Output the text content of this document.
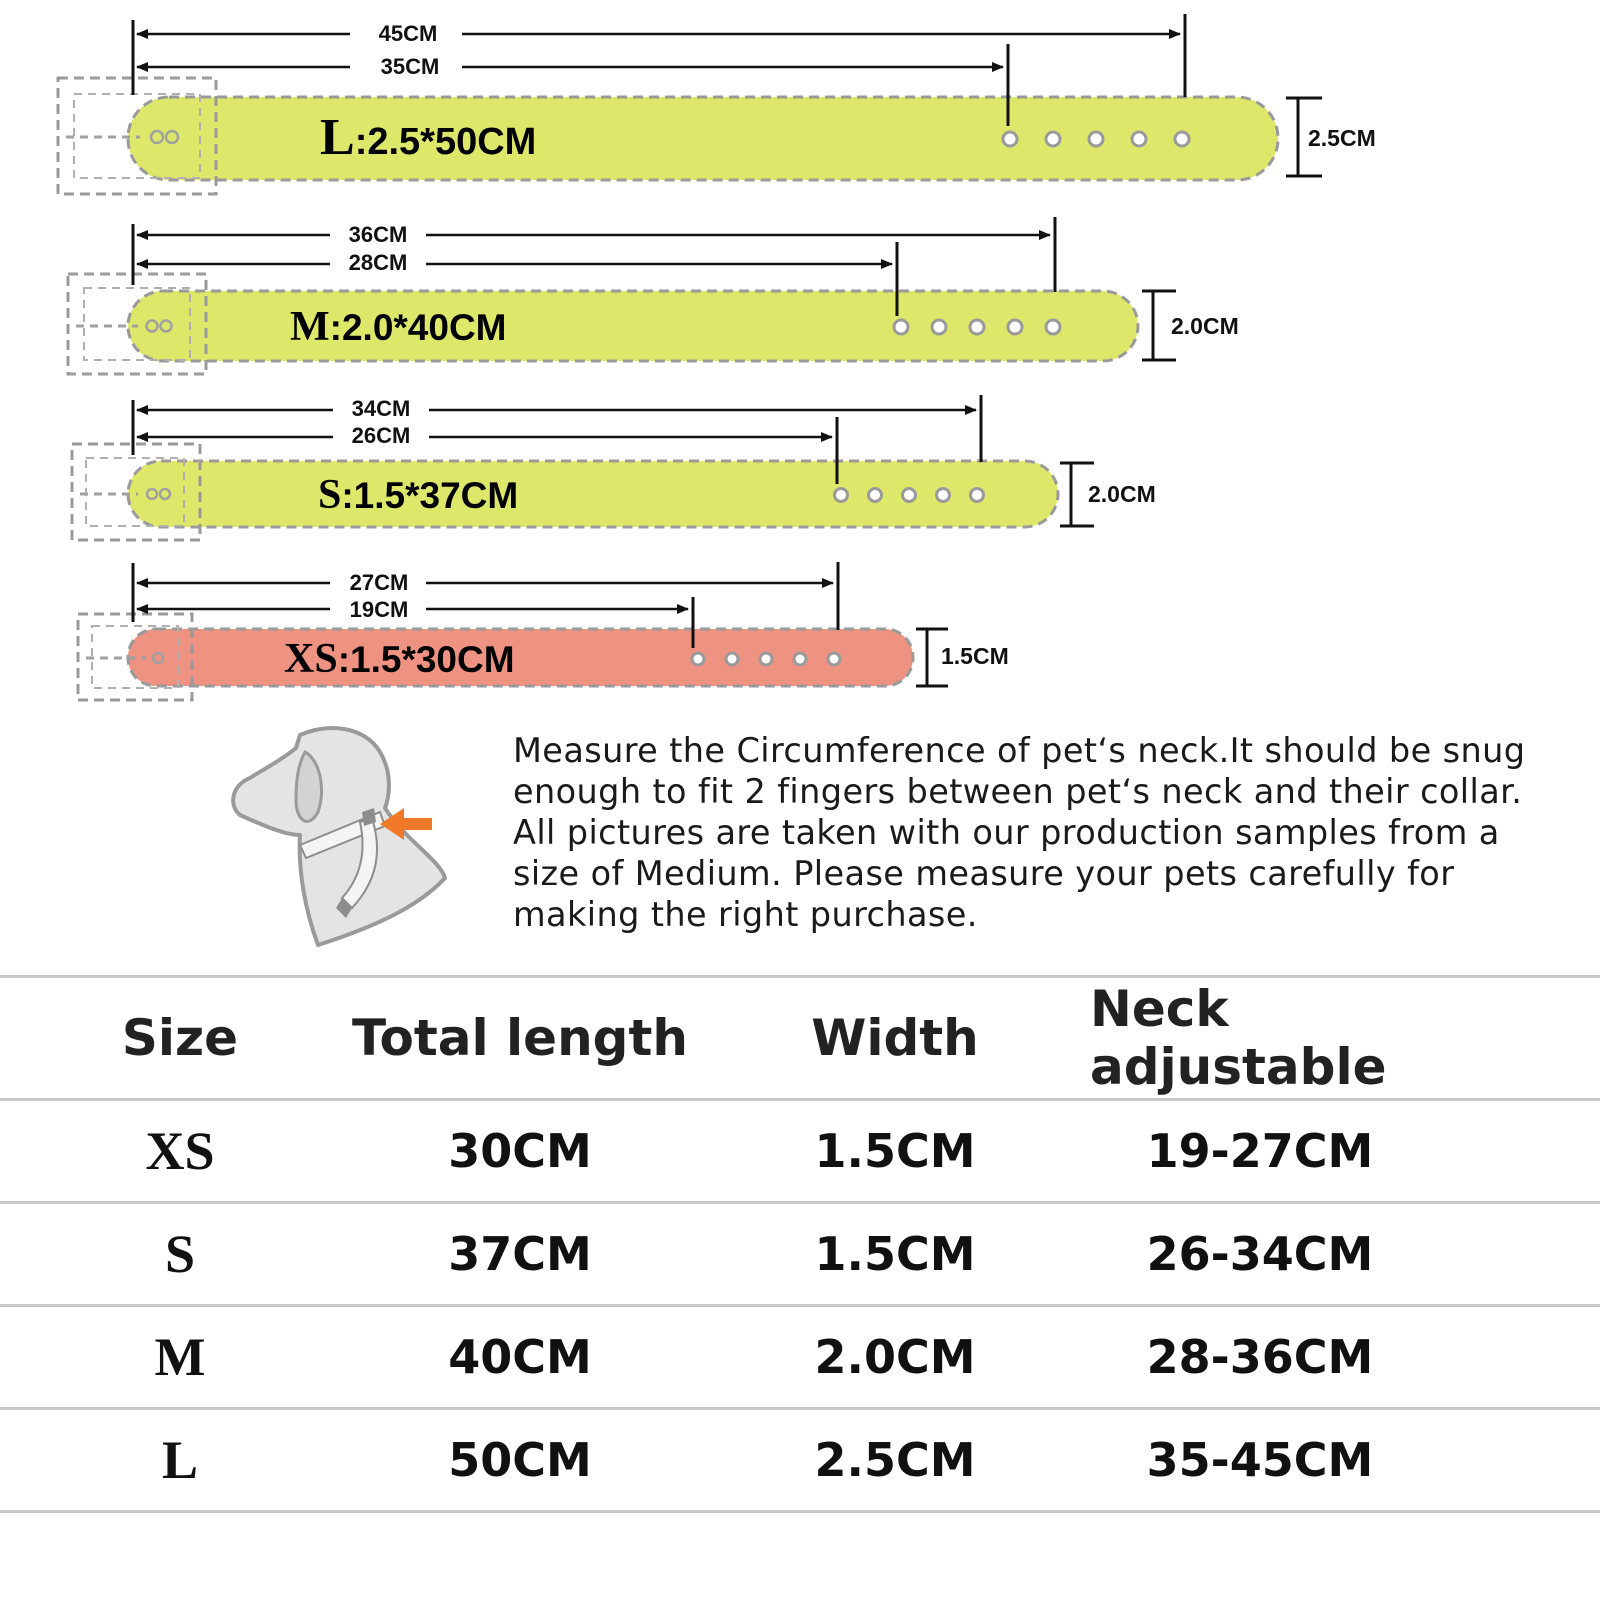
45CM
35CM
2.5CM
L:2.5*50CM
36CM
28CM
2.0CM
M:2.0*40CM
34CM
26CM
2.0CM
S:1.5*37CM
27CM
19CM
1.5CM
XS:1.5*30CM

Measure the Circumference of pet‘s neck.It should be snug
enough to fit 2 fingers between pet‘s neck and their collar.
All pictures are taken with our production samples from a
size of Medium. Please measure your pets carefully for
making the right purchase.

Size	Total length	Width	Neck adjustable
XS	30CM	1.5CM	19-27CM
S	37CM	1.5CM	26-34CM
M	40CM	2.0CM	28-36CM
L	50CM	2.5CM	35-45CM
